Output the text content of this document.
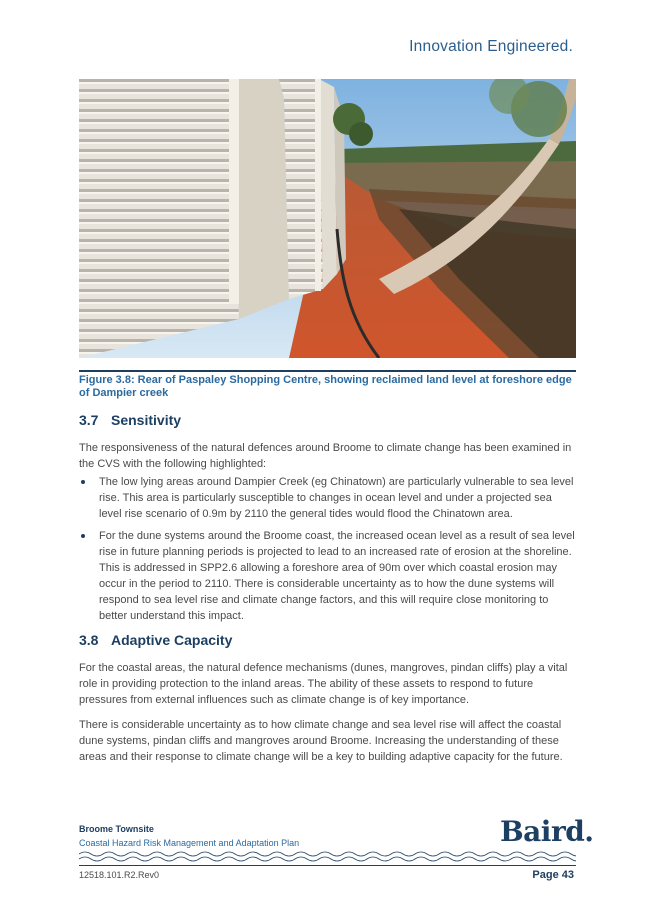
Innovation Engineered.
Figure 3.8: Rear of Paspaley Shopping Centre, showing reclaimed land level at foreshore edge of Dampier creek
3.7 Sensitivity

The responsiveness of the natural defences around Broome to climate change has been examined in the CVS with the following highlighted:

The low lying areas around Dampier Creek (eg Chinatown) are particularly vulnerable to sea level rise. This area is particularly susceptible to changes in ocean level and under a projected sea level rise scenario of 0.9m by 2110 the general tides would flood the Chinatown area.
For the dune systems around the Broome coast, the increased ocean level as a result of sea level rise in future planning periods is projected to lead to an increased rate of erosion at the shoreline. This is addressed in SPP2.6 allowing a foreshore area of 90m over which coastal erosion may occur in the period to 2110. There is considerable uncertainty as to how the dune systems will respond to sea level rise and climate change factors, and this will require close monitoring to better understand this impact.
3.8 Adaptive Capacity

For the coastal areas, the natural defence mechanisms (dunes, mangroves, pindan cliffs) play a vital role in providing protection to the inland areas. The ability of these assets to respond to future pressures from external influences such as climate change is of key importance.

There is considerable uncertainty as to how climate change and sea level rise will affect the coastal dune systems, pindan cliffs and mangroves around Broome. Increasing the understanding of these areas and their response to climate change will be a key to building adaptive capacity for the future.

Broome Townsite
Coastal Hazard Risk Management and Adaptation Plan	Baird.
12518.101.R2.Rev0	Page 43
